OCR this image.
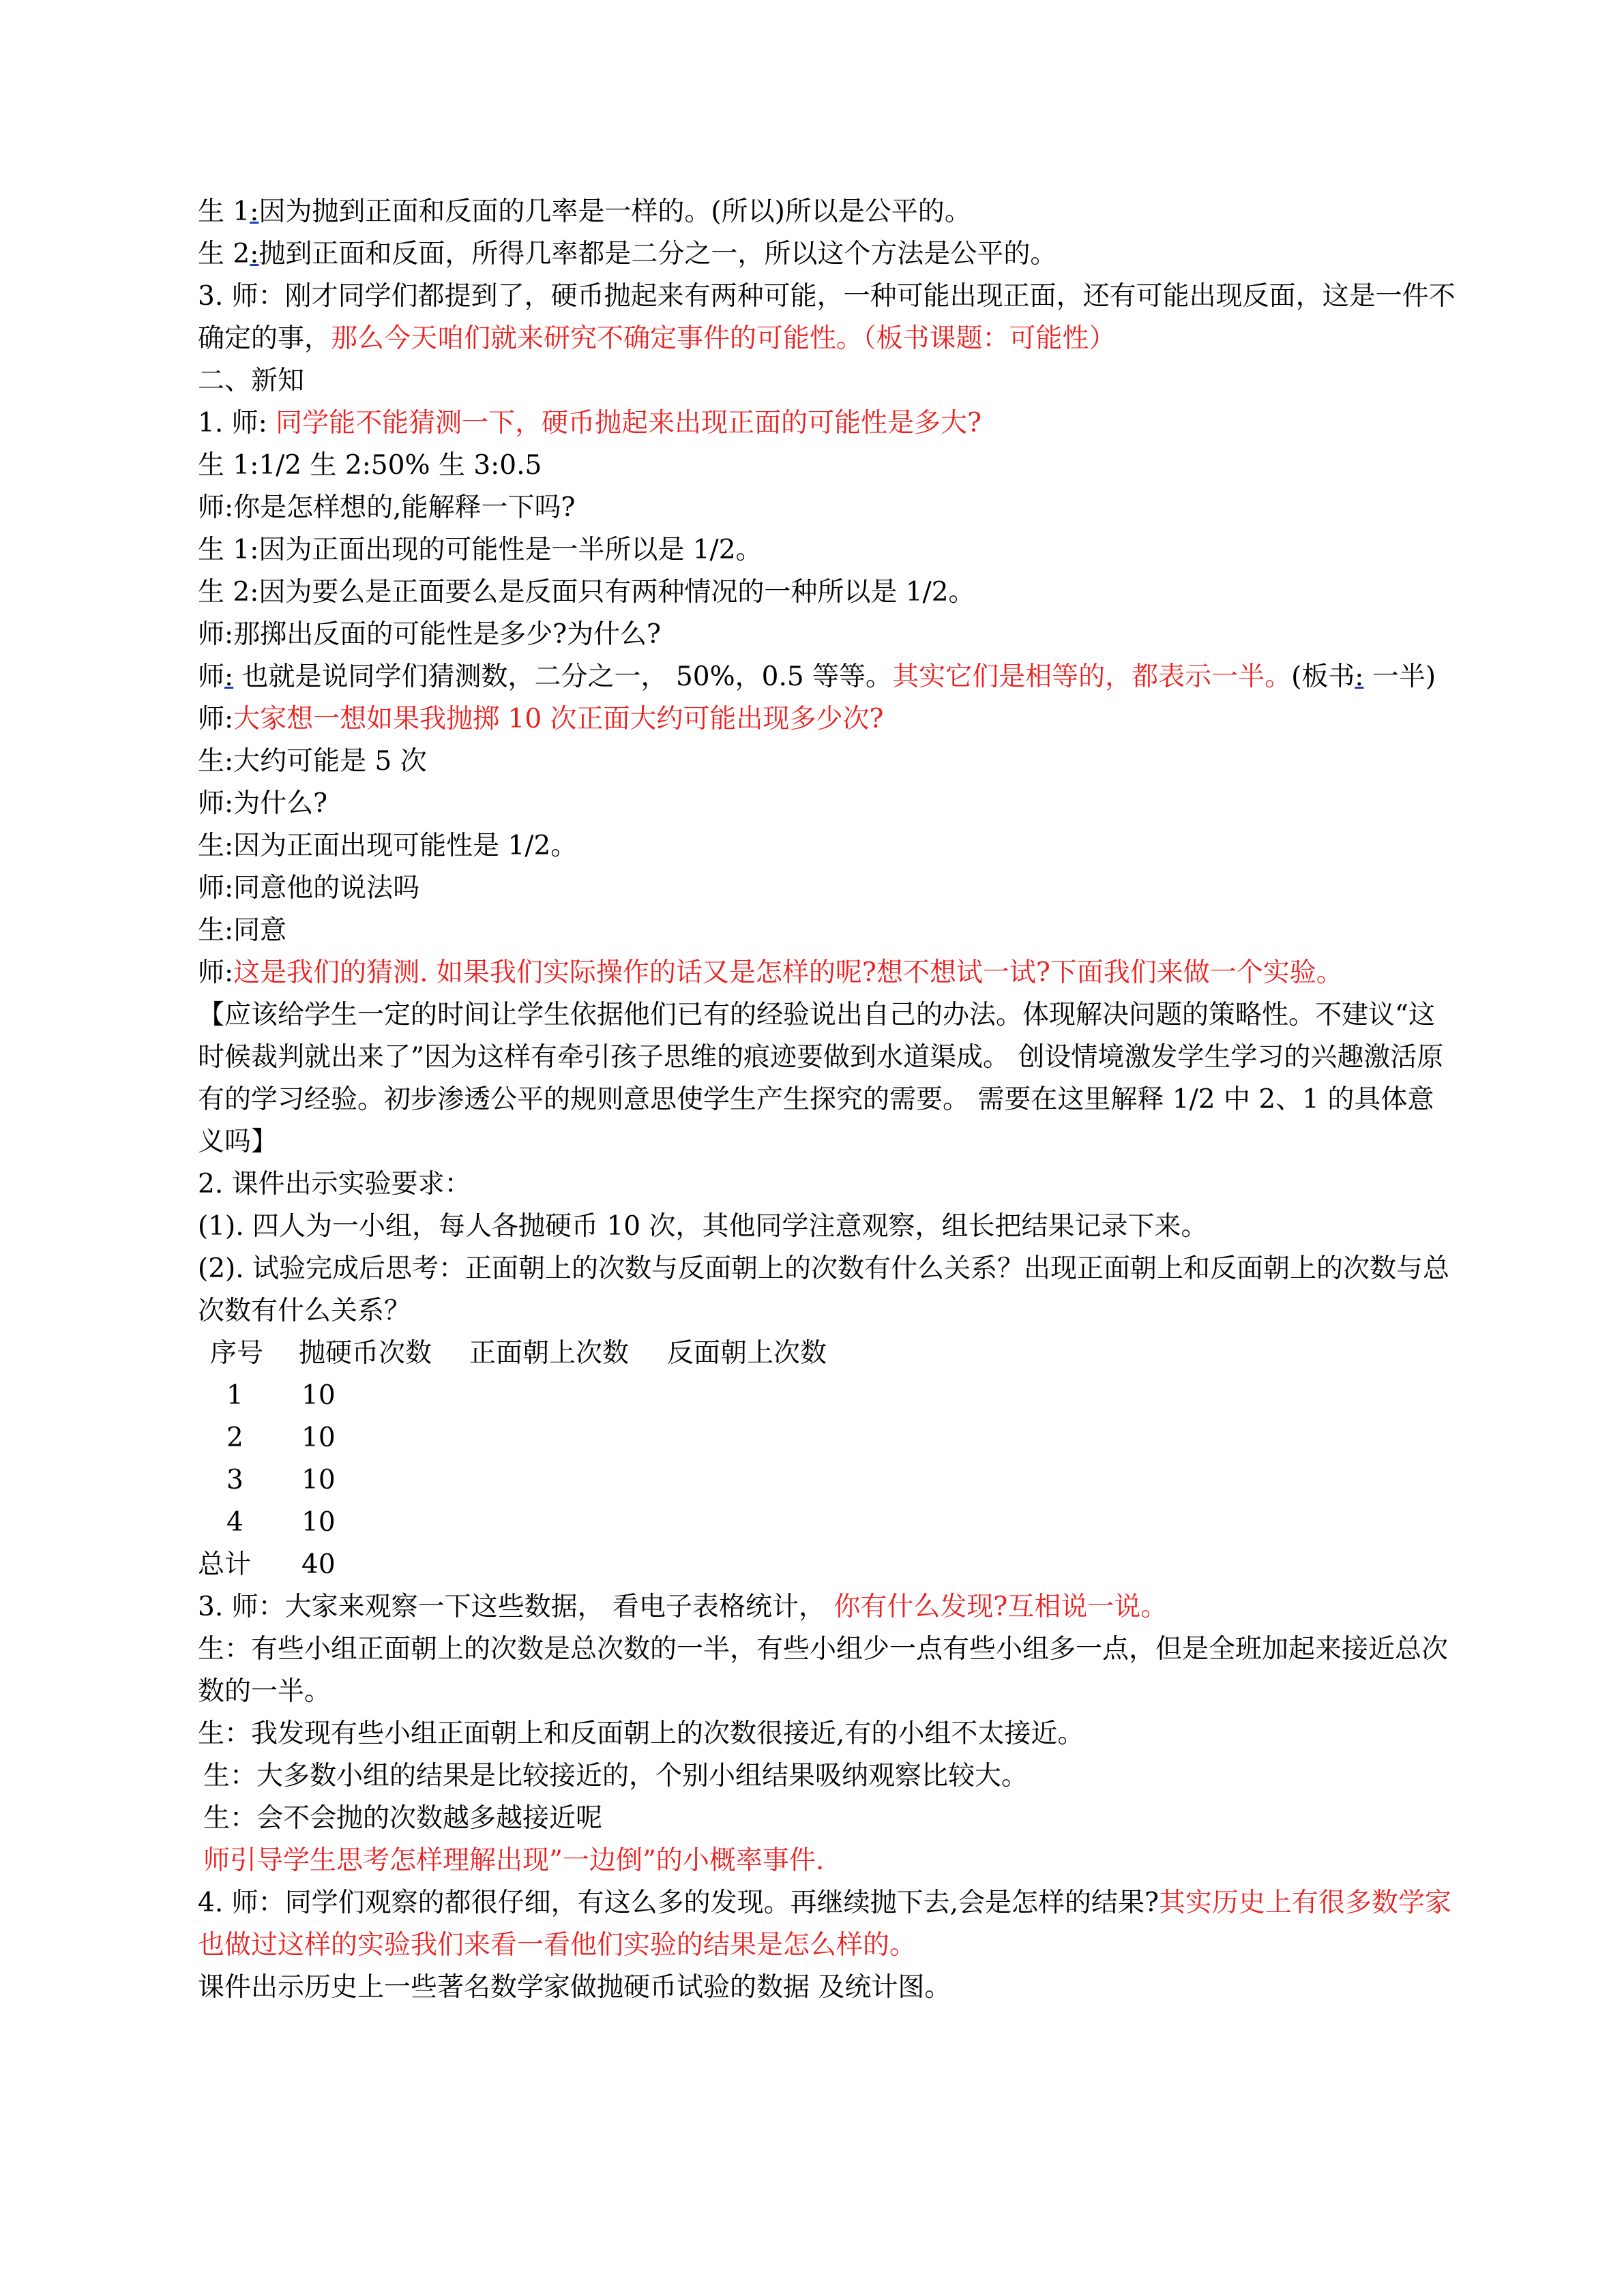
生 1:因为抛到正面和反面的几率是一样的。(所以)所以是公平的。

生 2:抛到正面和反面，所得几率都是二分之一，所以这个方法是公平的。

3. 师：刚才同学们都提到了，硬币抛起来有两种可能，一种可能出现正面，还有可能出现反面，这是一件不确定的事，那么今天咱们就来研究不确定事件的可能性。（板书课题：可能性）

二、新知

1. 师: 同学能不能猜测一下，硬币抛起来出现正面的可能性是多大?

生 1:1/2 生 2:50% 生 3:0.5

师:你是怎样想的,能解释一下吗?

生 1:因为正面出现的可能性是一半所以是 1/2。

生 2:因为要么是正面要么是反面只有两种情况的一种所以是 1/2。

师:那掷出反面的可能性是多少?为什么?

师: 也就是说同学们猜测数，二分之一， 50%，0.5 等等。其实它们是相等的，都表示一半。(板书: 一半)

师:大家想一想如果我抛掷 10 次正面大约可能出现多少次?

生:大约可能是 5 次

师:为什么?

生:因为正面出现可能性是 1/2。

师:同意他的说法吗

生:同意

师:这是我们的猜测. 如果我们实际操作的话又是怎样的呢?想不想试一试?下面我们来做一个实验。

【应该给学生一定的时间让学生依据他们已有的经验说出自己的办法。体现解决问题的策略性。不建议“这时候裁判就出来了”因为这样有牵引孩子思维的痕迹要做到水道渠成。 创设情境激发学生学习的兴趣激活原有的学习经验。初步渗透公平的规则意思使学生产生探究的需要。 需要在这里解释 1/2 中 2、1 的具体意义吗】

2. 课件出示实验要求：

(1). 四人为一小组，每人各抛硬币 10 次，其他同学注意观察，组长把结果记录下来。

(2). 试验完成后思考：正面朝上的次数与反面朝上的次数有什么关系？出现正面朝上和反面朝上的次数与总次数有什么关系？

序号	抛硬币次数	正面朝上次数	反面朝上次数
1	10		
2	10		
3	10		
4	10		
总计	40		

3. 师：大家来观察一下这些数据， 看电子表格统计， 你有什么发现?互相说一说。

生：有些小组正面朝上的次数是总次数的一半，有些小组少一点有些小组多一点，但是全班加起来接近总次数的一半。

生：我发现有些小组正面朝上和反面朝上的次数很接近,有的小组不太接近。

生：大多数小组的结果是比较接近的，个别小组结果吸纳观察比较大。

生：会不会抛的次数越多越接近呢

师引导学生思考怎样理解出现”一边倒”的小概率事件.

4. 师：同学们观察的都很仔细，有这么多的发现。再继续抛下去,会是怎样的结果?其实历史上有很多数学家也做过这样的实验我们来看一看他们实验的结果是怎么样的。

课件出示历史上一些著名数学家做抛硬币试验的数据 及统计图。
